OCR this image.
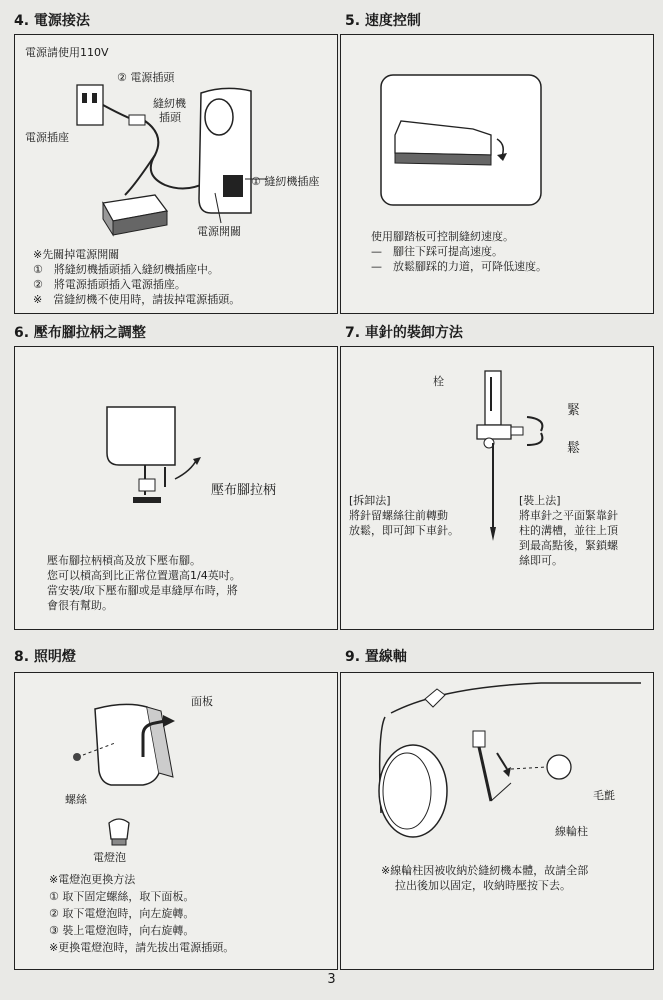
4. 電源接法
電源請使用110V
② 電源插頭
縫紉機
插頭
電源插座
① 縫紉機插座
電源開關
※先關掉電源開關
①　將縫紉機插頭插入縫紉機插座中。
②　將電源插頭插入電源插座。
※　當縫紉機不使用時，請拔掉電源插頭。
5. 速度控制
使用腳踏板可控制縫紉速度。
—　腳往下踩可提高速度。
—　放鬆腳踩的力道，可降低速度。
6. 壓布腳拉柄之調整
壓布腳拉柄
壓布腳拉柄槓高及放下壓布腳。
您可以槓高到比正常位置還高1/4英吋。
當安裝/取下壓布腳或是車縫厚布時，將
會很有幫助。
7. 車針的裝卸方法
栓
緊
鬆
[拆卸法]
將針留螺絲往前轉動
放鬆，即可卸下車針。
[裝上法]
將車針之平面緊靠針
柱的溝槽，並往上頂
到最高點後，緊鎖螺
絲即可。
8. 照明燈
面板
螺絲
電燈泡
※電燈泡更換方法
① 取下固定螺絲，取下面板。
② 取下電燈泡時，向左旋轉。
③ 裝上電燈泡時，向右旋轉。
※更換電燈泡時，請先拔出電源插頭。
9. 置線軸
毛氈
線輪柱
※線輪柱因被收納於縫紉機本體，故請全部
拉出後加以固定，收納時壓按下去。
3
